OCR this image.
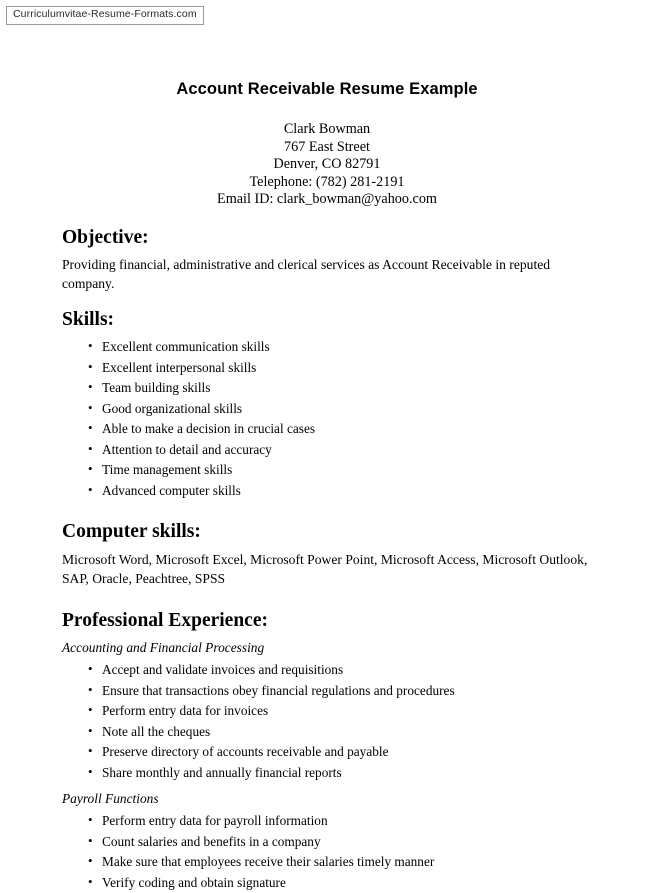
Curriculumvitae-Resume-Formats.com
Account Receivable Resume Example
Clark Bowman
767 East Street
Denver, CO 82791
Telephone: (782) 281-2191
Email ID: clark_bowman@yahoo.com
Objective:

Providing financial, administrative and clerical services as Account Receivable in reputed company.

Skills:
• Excellent communication skills
• Excellent interpersonal skills
• Team building skills
• Good organizational skills
• Able to make a decision in crucial cases
• Attention to detail and accuracy
• Time management skills
• Advanced computer skills
Computer skills:

Microsoft Word, Microsoft Excel, Microsoft Power Point, Microsoft Access, Microsoft Outlook, SAP, Oracle, Peachtree, SPSS

Professional Experience:
Accounting and Financial Processing
• Accept and validate invoices and requisitions
• Ensure that transactions obey financial regulations and procedures
• Perform entry data for invoices
• Note all the cheques
• Preserve directory of accounts receivable and payable
• Share monthly and annually financial reports
Payroll Functions
• Perform entry data for payroll information
• Count salaries and benefits in a company
• Make sure that employees receive their salaries timely manner
• Verify coding and obtain signature
